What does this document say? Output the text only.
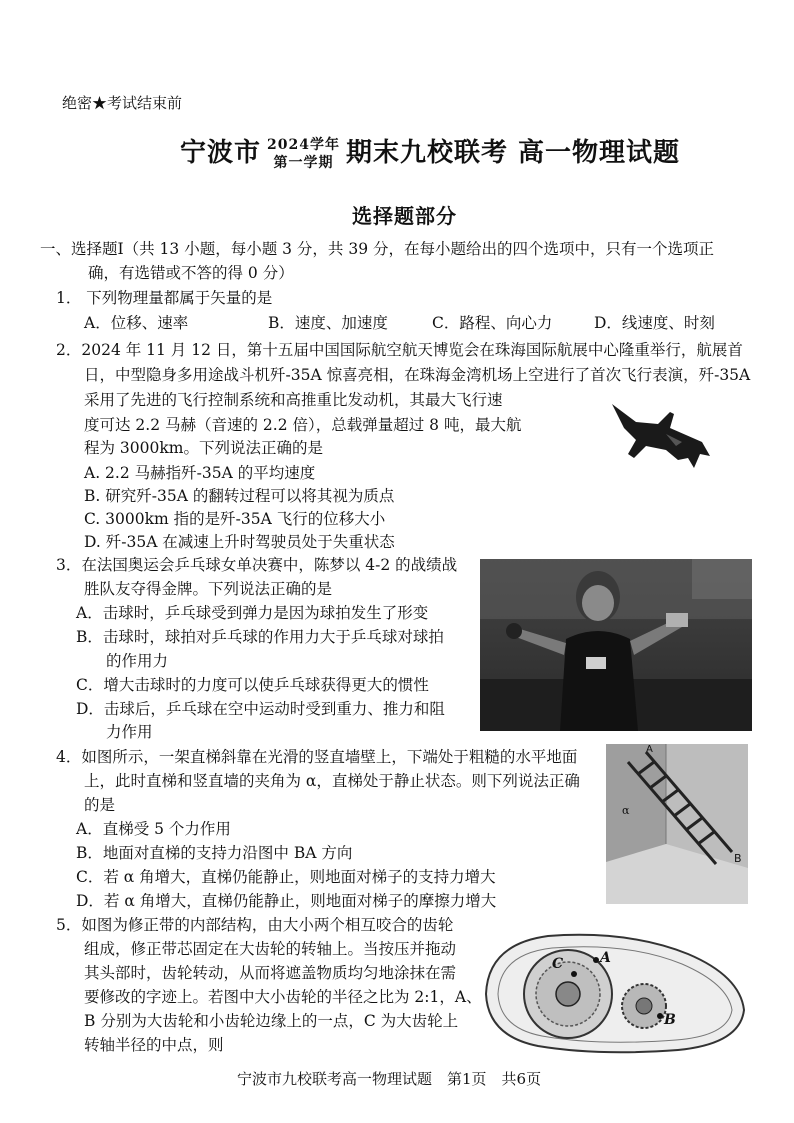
绝密★考试结束前
宁波市 2024学年
第一学期 期末九校联考 高一物理试题
选择题部分
一、选择题Ⅰ（共 13 小题，每小题 3 分，共 39 分，在每小题给出的四个选项中，只有一个选项正
确，有选错或不答的得 0 分）
1． 下列物理量都属于矢量的是
A．位移、速率	B．速度、加速度	C．路程、向心力	D．线速度、时刻
2．2024 年 11 月 12 日，第十五届中国国际航空航天博览会在珠海国际航展中心隆重举行，航展首
日，中型隐身多用途战斗机歼-35A 惊喜亮相，在珠海金湾机场上空进行了首次飞行表演，歼-35A
采用了先进的飞行控制系统和高推重比发动机，其最大飞行速
度可达 2.2 马赫（音速的 2.2 倍），总载弹量超过 8 吨，最大航
程为 3000km。下列说法正确的是
A. 2.2 马赫指歼-35A 的平均速度
B. 研究歼-35A 的翻转过程可以将其视为质点
C. 3000km 指的是歼-35A 飞行的位移大小
D. 歼-35A 在减速上升时驾驶员处于失重状态
3．在法国奥运会乒乓球女单决赛中，陈梦以 4-2 的战绩战
胜队友夺得金牌。下列说法正确的是
A．击球时，乒乓球受到弹力是因为球拍发生了形变
B．击球时，球拍对乒乓球的作用力大于乒乓球对球拍
的作用力
C．增大击球时的力度可以使乒乓球获得更大的惯性
D．击球后，乒乓球在空中运动时受到重力、推力和阻
力作用
4．如图所示，一架直梯斜靠在光滑的竖直墙壁上，下端处于粗糙的水平地面
上，此时直梯和竖直墙的夹角为 α，直梯处于静止状态。则下列说法正确
的是
A．直梯受 5 个力作用
B．地面对直梯的支持力沿图中 BA 方向
C．若 α 角增大，直梯仍能静止，则地面对梯子的支持力增大
D．若 α 角增大，直梯仍能静止，则地面对梯子的摩擦力增大
A
B
α
5．如图为修正带的内部结构，由大小两个相互咬合的齿轮
组成，修正带芯固定在大齿轮的转轴上。当按压并拖动
其头部时，齿轮转动，从而将遮盖物质均匀地涂抹在需
要修改的字迹上。若图中大小齿轮的半径之比为 2:1，A、
B 分别为大齿轮和小齿轮边缘上的一点，C 为大齿轮上
转轴半径的中点，则
A
B
C
宁波市九校联考高一物理试题　第1页　共6页
